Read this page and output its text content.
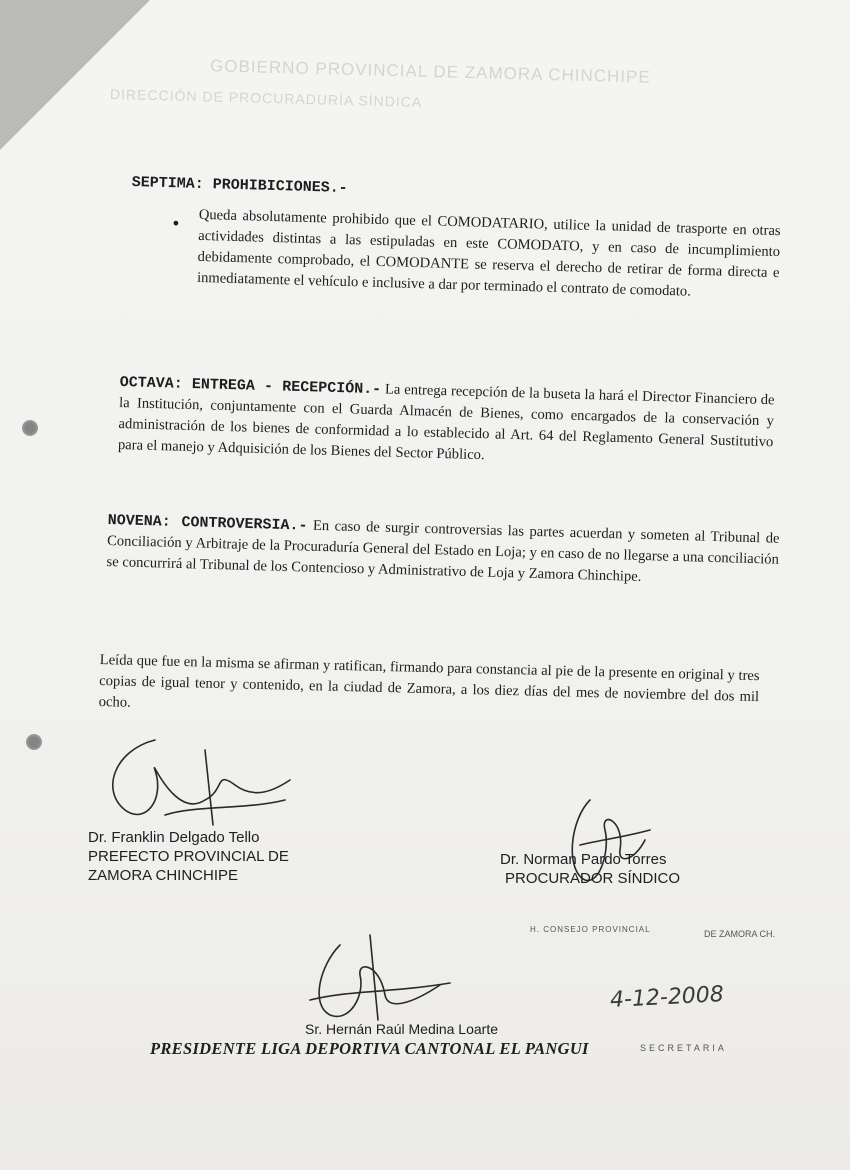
GOBIERNO PROVINCIAL DE ZAMORA CHINCHIPE
DIRECCIÓN DE PROCURADURÍA SÍNDICA
SEPTIMA: PROHIBICIONES.-
● Queda absolutamente prohibido que el COMODATARIO, utilice la unidad de trasporte en otras actividades distintas a las estipuladas en este COMODATO, y en caso de incumplimiento debidamente comprobado, el COMODANTE se reserva el derecho de retirar de forma directa e inmediatamente el vehículo e inclusive a dar por terminado el contrato de comodato.
OCTAVA: ENTREGA - RECEPCIÓN.- La entrega recepción de la buseta la hará el Director Financiero de la Institución, conjuntamente con el Guarda Almacén de Bienes, como encargados de la conservación y administración de los bienes de conformidad a lo establecido al Art. 64 del Reglamento General Sustitutivo para el manejo y Adquisición de los Bienes del Sector Público.
NOVENA: CONTROVERSIA.- En caso de surgir controversias las partes acuerdan y someten al Tribunal de Conciliación y Arbitraje de la Procuraduría General del Estado en Loja; y en caso de no llegarse a una conciliación se concurrirá al Tribunal de los Contencioso y Administrativo de Loja y Zamora Chinchipe.
Leída que fue en la misma se afirman y ratifican, firmando para constancia al pie de la presente en original y tres copias de igual tenor y contenido, en la ciudad de Zamora, a los diez días del mes de noviembre del dos mil ocho.
Dr. Franklin Delgado Tello
PREFECTO PROVINCIAL DE
ZAMORA CHINCHIPE
Dr. Norman Pardo Torres
PROCURADOR SÍNDICO
Sr. Hernán Raúl Medina Loarte
PRESIDENTE LIGA DEPORTIVA CANTONAL EL PANGUI
H. CONSEJO PROVINCIAL	DE ZAMORA CH.
4-12-2008
SECRETARIA
